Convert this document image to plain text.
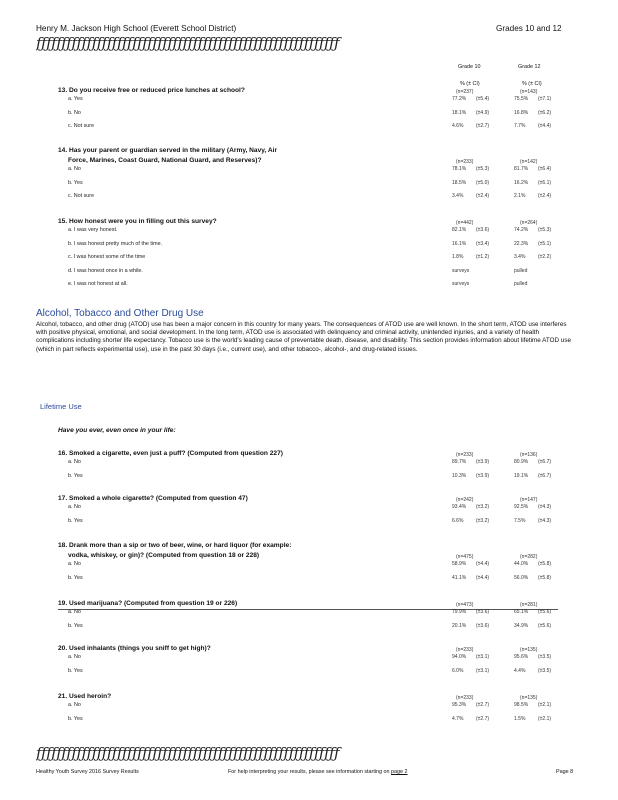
Henry M. Jackson High School (Everett School District)	Grades 10 and 12
ƒƒƒƒƒƒƒƒƒƒƒƒƒƒƒƒƒƒƒƒƒƒƒƒƒƒƒƒƒƒƒƒƒƒƒƒƒƒƒƒƒƒƒƒƒƒƒƒƒƒƒƒƒƒƒƒƒƒƒƒ
Grade 10	Grade 12
% (± CI)	% (± CI)
13. Do you receive free or reduced price lunches at school?	(n=237)	(n=143)
a. Yes	77.2% (±5.4)	75.5% (±7.1)
b. No	18.1% (±4.9)	16.8% (±6.2)
c. Not sure	4.6%	(±2.7)	7.7%	(±4.4)
14. Has your parent or guardian served in the military (Army, Navy, Air
Force, Marines, Coast Guard, National Guard, and Reserves)?	(n=233)	(n=142)
a. No	78.1% (±5.3)	81.7% (±6.4)
b. Yes	18.5% (±5.0)	16.2% (±6.1)
c. Not sure	3.4%	(±2.4)	2.1%	(±2.4)
15. How honest were you in filling out this survey?	(n=442)	(n=264)
a. I was very honest.	82.1% (±3.6)	74.2% (±5.3)
b. I was honest pretty much of the time.	16.1% (±3.4)	22.3% (±5.1)
c. I was honest some of the time	1.8%	(±1.2)	3.4%	(±2.2)
d. I was honest once in a while.	surveys	pulled
e. I was not honest at all.	surveys	pulled
Alcohol, Tobacco and Other Drug Use
Alcohol, tobacco, and other drug (ATOD) use has been a major concern in this country for many years. The consequences of ATOD use are well known. In the short term, ATOD use interferes with positive physical, emotional, and social development. In the long term, ATOD use is associated with delinquency and criminal activity, unintended injuries, and a variety of health complications including shorter life expectancy. Tobacco use is the world's leading cause of preventable death, disease, and disability. This section provides information about lifetime ATOD use (which in part reflects experimental use), use in the past 30 days (i.e., current use), and other tobacco-, alcohol-, and drug-related issues.
Lifetime Use
Have you ever, even once in your life:
16. Smoked a cigarette, even just a puff? (Computed from question 227)	(n=233)	(n=136)
a. No	89.7% (±3.9)	80.9% (±6.7)
b. Yes	10.3% (±3.9)	19.1% (±6.7)
17. Smoked a whole cigarette? (Computed from question 47)	(n=242)	(n=147)
a. No	93.4% (±3.2)	92.5% (±4.3)
b. Yes	6.6%	(±3.2)	7.5%	(±4.3)
18. Drank more than a sip or two of beer, wine, or hard liquor (for example:
vodka, whiskey, or gin)? (Computed from question 18 or 228)	(n=475)	(n=282)
a. No	58.9% (±4.4)	44.0% (±5.8)
b. Yes	41.1% (±4.4)	56.0% (±5.8)
19. Used marijuana? (Computed from question 19 or 226)	(n=473)	(n=281)
a. No	79.9% (±3.6)	65.1% (±5.6)
b. Yes	20.1% (±3.6)	34.9% (±5.6)
20. Used inhalants (things you sniff to get high)?	(n=233)	(n=135)
a. No	94.0% (±3.1)	95.6% (±3.5)
b. Yes	6.0%	(±3.1)	4.4%	(±3.5)
21. Used heroin?	(n=233)	(n=135)
a. No	95.3% (±2.7)	98.5% (±2.1)
b. Yes	4.7%	(±2.7)	1.5%	(±2.1)
ƒƒƒƒƒƒƒƒƒƒƒƒƒƒƒƒƒƒƒƒƒƒƒƒƒƒƒƒƒƒƒƒƒƒƒƒƒƒƒƒƒƒƒƒƒƒƒƒƒƒƒƒƒƒƒƒƒƒƒƒ
Healthy Youth Survey 2016 Survey Results	For help interpreting your results, please see information starting on page 2	Page 8
